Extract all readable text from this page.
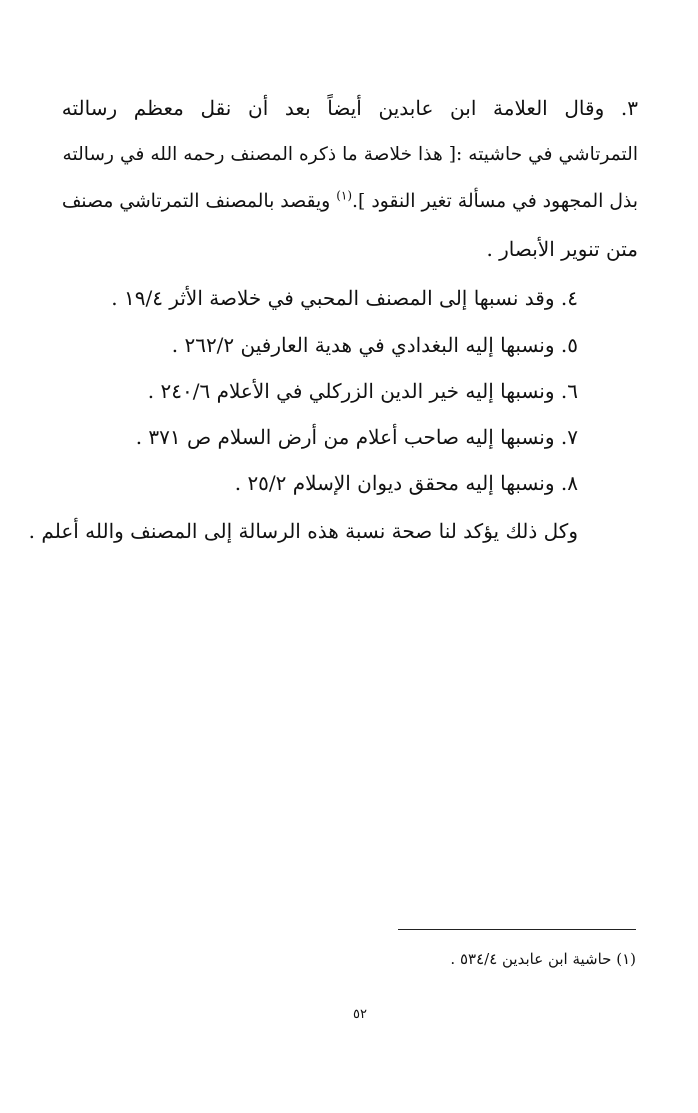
٣. وقال العلامة ابن عابدين أيضاً بعد أن نقل معظم رسالته
التمرتاشي في حاشيته :[ هذا خلاصة ما ذكره المصنف رحمه الله في رسالته
بذل المجهود في مسألة تغير النقود ].$^{(١)}$ ويقصد بالمصنف التمرتاشي مصنف
متن تنوير الأبصار .
٤. وقد نسبها إلى المصنف المحبي في خلاصة الأثر ١٩/٤ .
٥. ونسبها إليه البغدادي في هدية العارفين ٢٦٢/٢ .
٦. ونسبها إليه خير الدين الزركلي في الأعلام ٢٤٠/٦ .
٧. ونسبها إليه صاحب أعلام من أرض السلام ص ٣٧١ .
٨. ونسبها إليه محقق ديوان الإسلام ٢٥/٢ .
وكل ذلك يؤكد لنا صحة نسبة هذه الرسالة إلى المصنف والله أعلم .
(١) حاشية ابن عابدين ٥٣٤/٤ .
٥٢
